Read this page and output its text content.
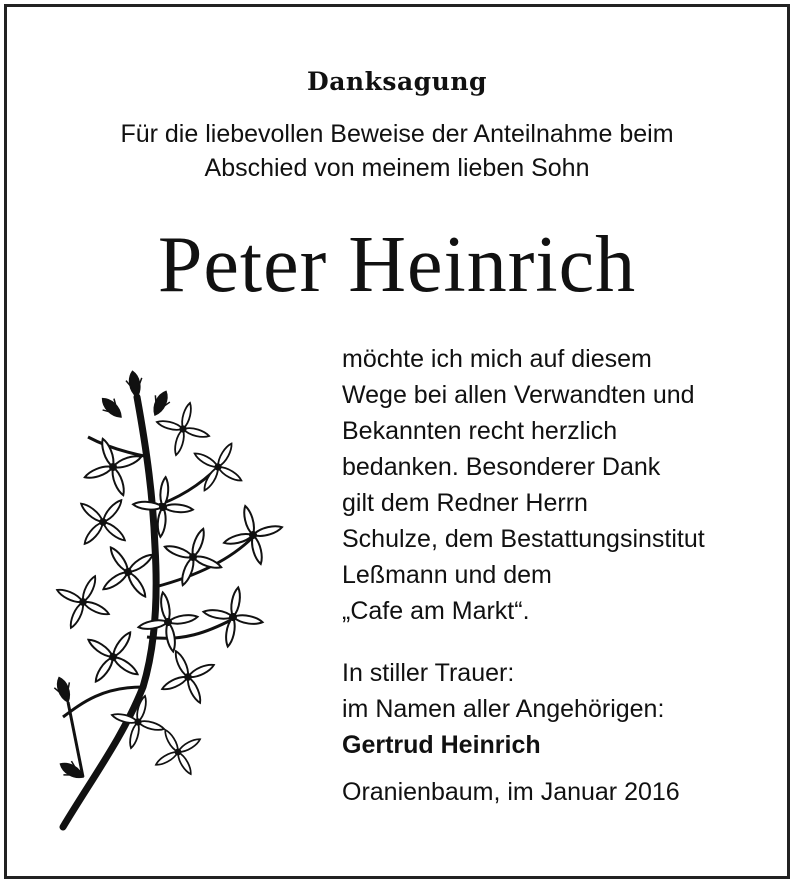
Danksagung
Für die liebevollen Beweise der Anteilnahme beim
Abschied von meinem lieben Sohn
Peter Heinrich
möchte ich mich auf diesem
Wege bei allen Verwandten und
Bekannten recht herzlich
bedanken. Besonderer Dank
gilt dem Redner Herrn
Schulze, dem Bestattungsinstitut
Leßmann und dem
„Cafe am Markt“.
In stiller Trauer:
im Namen aller Angehörigen:
Gertrud Heinrich
Oranienbaum, im Januar 2016
